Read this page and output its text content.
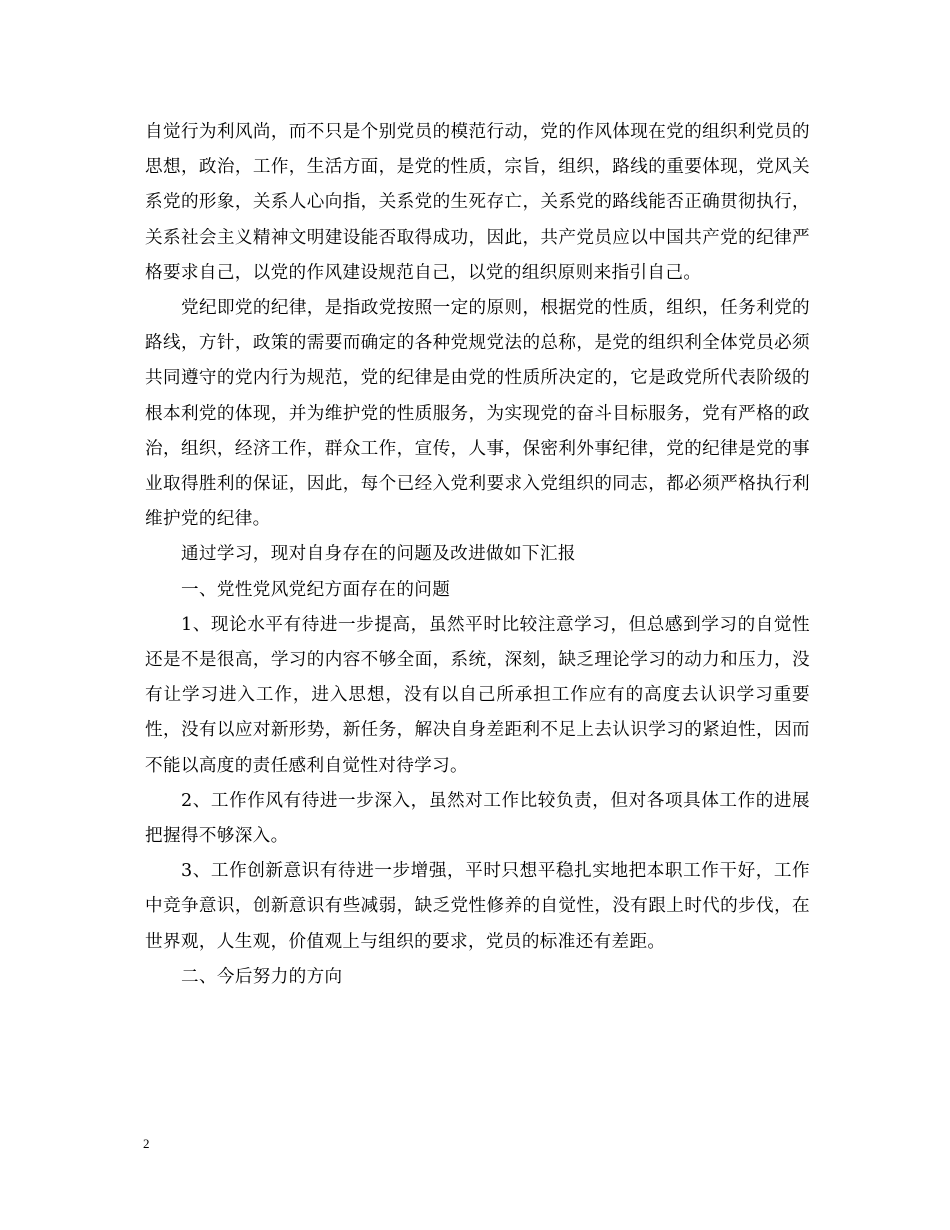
自觉行为利风尚，而不只是个别党员的模范行动，党的作风体现在党的组织利党员的思想，政治，工作，生活方面，是党的性质，宗旨，组织，路线的重要体现，党风关系党的形象，关系人心向指，关系党的生死存亡，关系党的路线能否正确贯彻执行，关系社会主义精神文明建设能否取得成功，因此，共产党员应以中国共产党的纪律严格要求自己，以党的作风建设规范自己，以党的组织原则来指引自己。

党纪即党的纪律，是指政党按照一定的原则，根据党的性质，组织，任务利党的路线，方针，政策的需要而确定的各种党规党法的总称，是党的组织利全体党员必须共同遵守的党内行为规范，党的纪律是由党的性质所决定的，它是政党所代表阶级的根本利党的体现，并为维护党的性质服务，为实现党的奋斗目标服务，党有严格的政治，组织，经济工作，群众工作，宣传，人事，保密利外事纪律，党的纪律是党的事业取得胜利的保证，因此，每个已经入党利要求入党组织的同志，都必须严格执行利维护党的纪律。

通过学习，现对自身存在的问题及改进做如下汇报

一、党性党风党纪方面存在的问题

1、现论水平有待进一步提高，虽然平时比较注意学习，但总感到学习的自觉性还是不是很高，学习的内容不够全面，系统，深刻，缺乏理论学习的动力和压力，没有让学习进入工作，进入思想，没有以自己所承担工作应有的高度去认识学习重要性，没有以应对新形势，新任务，解决自身差距利不足上去认识学习的紧迫性，因而不能以高度的责任感利自觉性对待学习。

2、工作作风有待进一步深入，虽然对工作比较负责，但对各项具体工作的进展把握得不够深入。

3、工作创新意识有待进一步增强，平时只想平稳扎实地把本职工作干好，工作中竞争意识，创新意识有些减弱，缺乏党性修养的自觉性，没有跟上时代的步伐，在世界观，人生观，价值观上与组织的要求，党员的标准还有差距。

二、今后努力的方向

2
